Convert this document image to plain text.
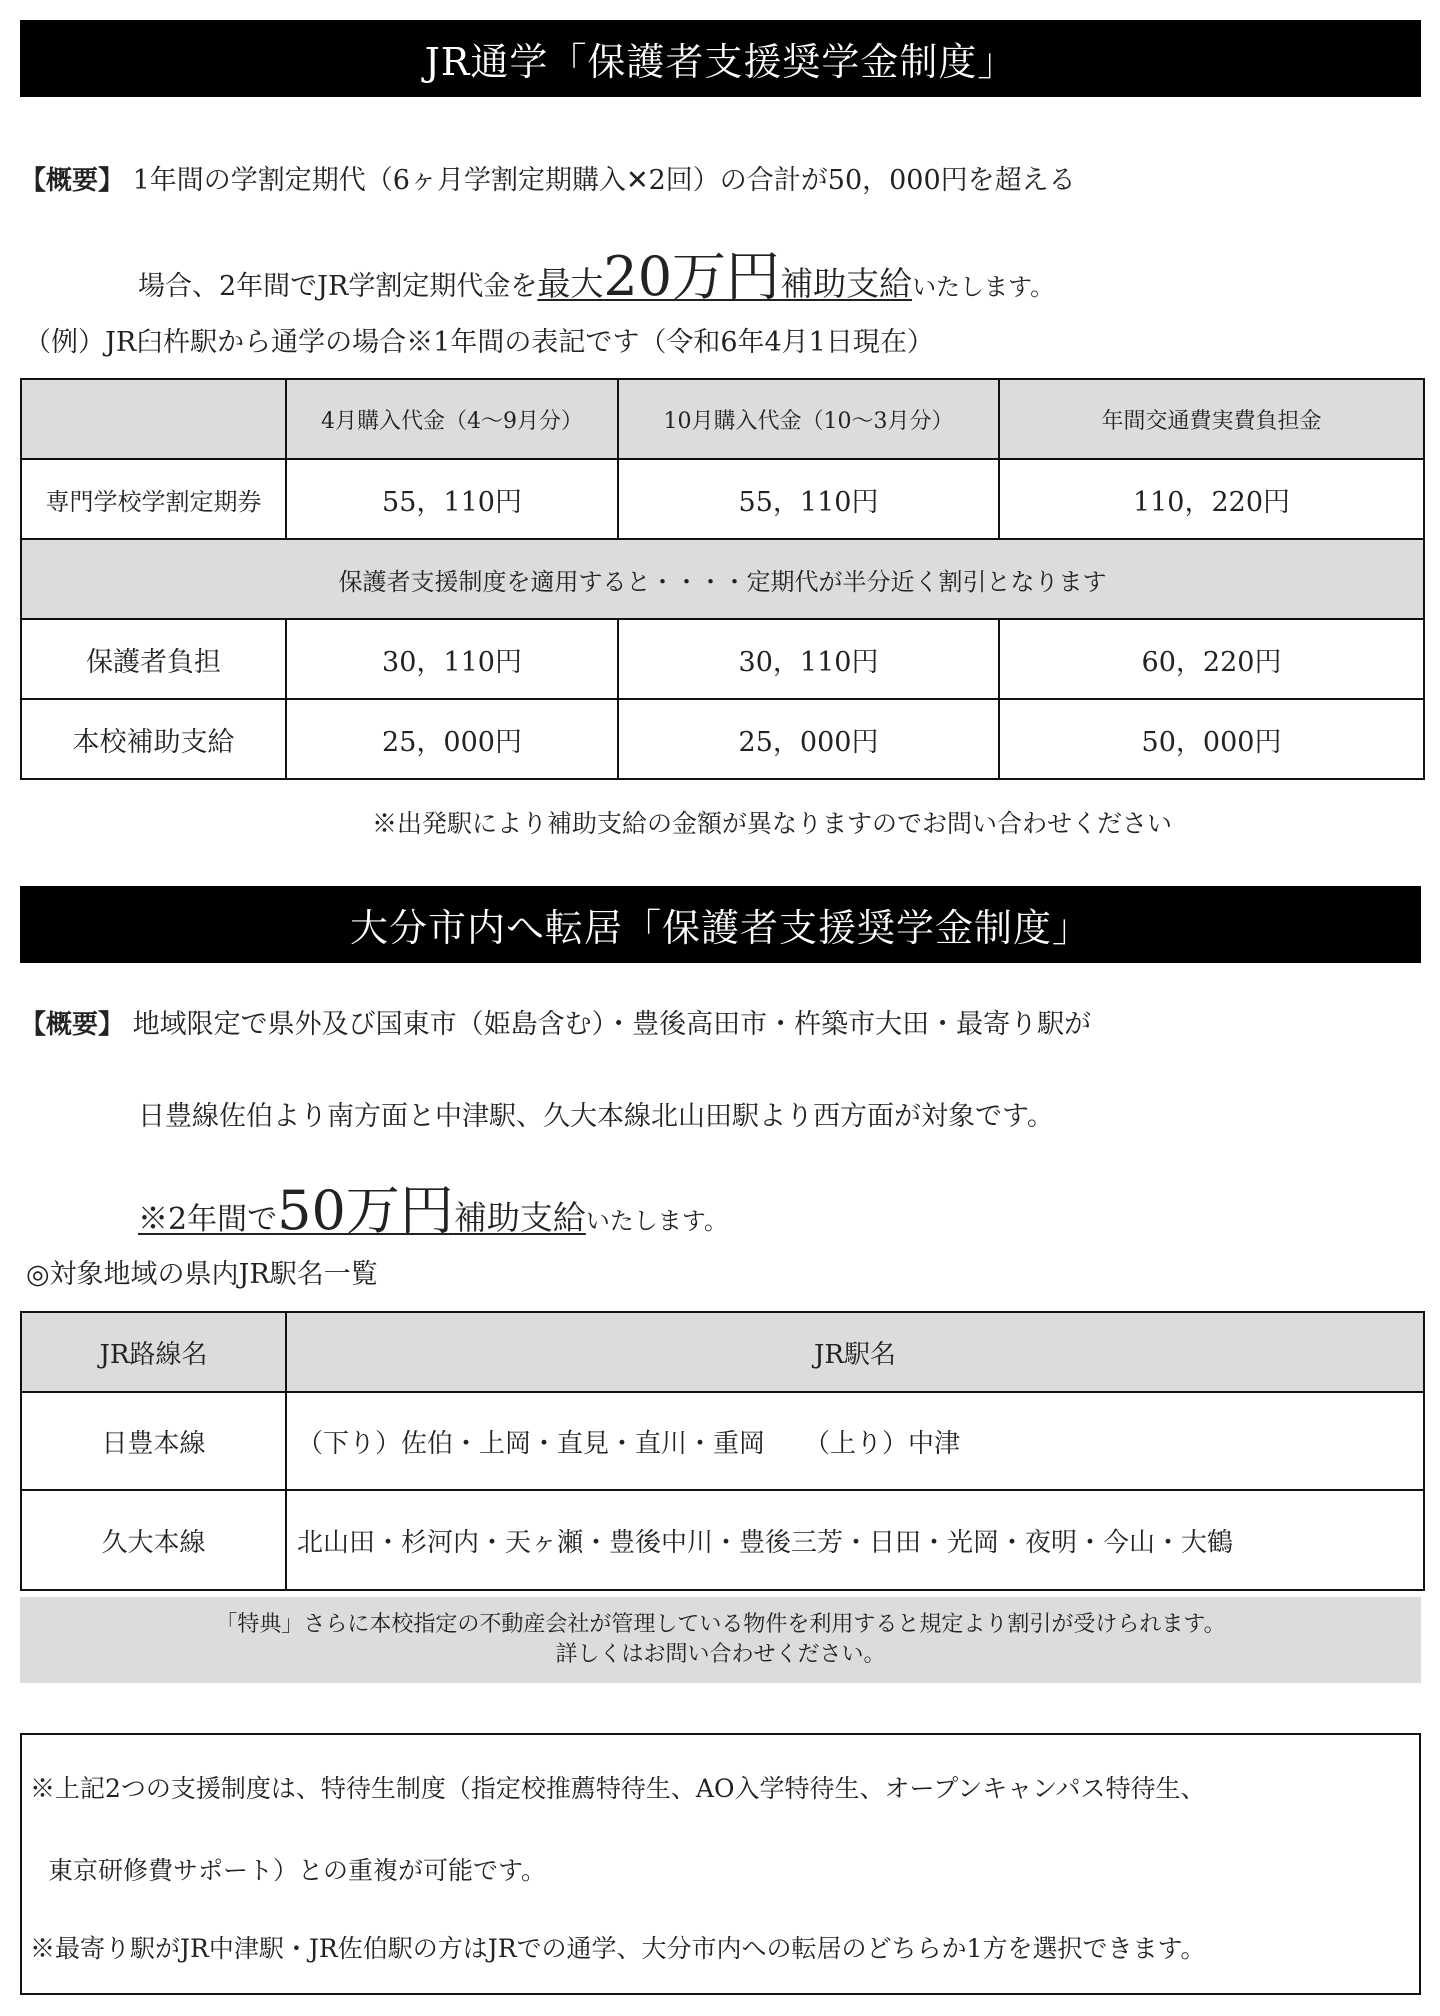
JR通学「保護者支援奨学金制度」
【概要】 1年間の学割定期代（6ヶ月学割定期購入✕2回）の合計が50，000円を超える
場合、2年間でJR学割定期代金を最大20万円補助支給いたします。
（例）JR臼杵駅から通学の場合※1年間の表記です（令和6年4月1日現在）
	4月購入代金（4～9月分）	10月購入代金（10～3月分）	年間交通費実費負担金
専門学校学割定期券	55，110円	55，110円	110，220円
保護者支援制度を適用すると・・・・定期代が半分近く割引となります			
保護者負担	30，110円	30，110円	60，220円
本校補助支給	25，000円	25，000円	50，000円
※出発駅により補助支給の金額が異なりますのでお問い合わせください
大分市内へ転居「保護者支援奨学金制度」
【概要】 地域限定で県外及び国東市（姫島含む）・豊後高田市・杵築市大田・最寄り駅が
日豊線佐伯より南方面と中津駅、久大本線北山田駅より西方面が対象です。
※2年間で50万円補助支給いたします。
◎対象地域の県内JR駅名一覧
JR路線名	JR駅名
日豊本線	（下り）佐伯・上岡・直見・直川・重岡　　（上り）中津
久大本線	北山田・杉河内・天ヶ瀬・豊後中川・豊後三芳・日田・光岡・夜明・今山・大鶴
「特典」さらに本校指定の不動産会社が管理している物件を利用すると規定より割引が受けられます。
詳しくはお問い合わせください。
※上記2つの支援制度は、特待生制度（指定校推薦特待生、AO入学特待生、オープンキャンパス特待生、
東京研修費サポート）との重複が可能です。
※最寄り駅がJR中津駅・JR佐伯駅の方はJRでの通学、大分市内への転居のどちらか1方を選択できます。
